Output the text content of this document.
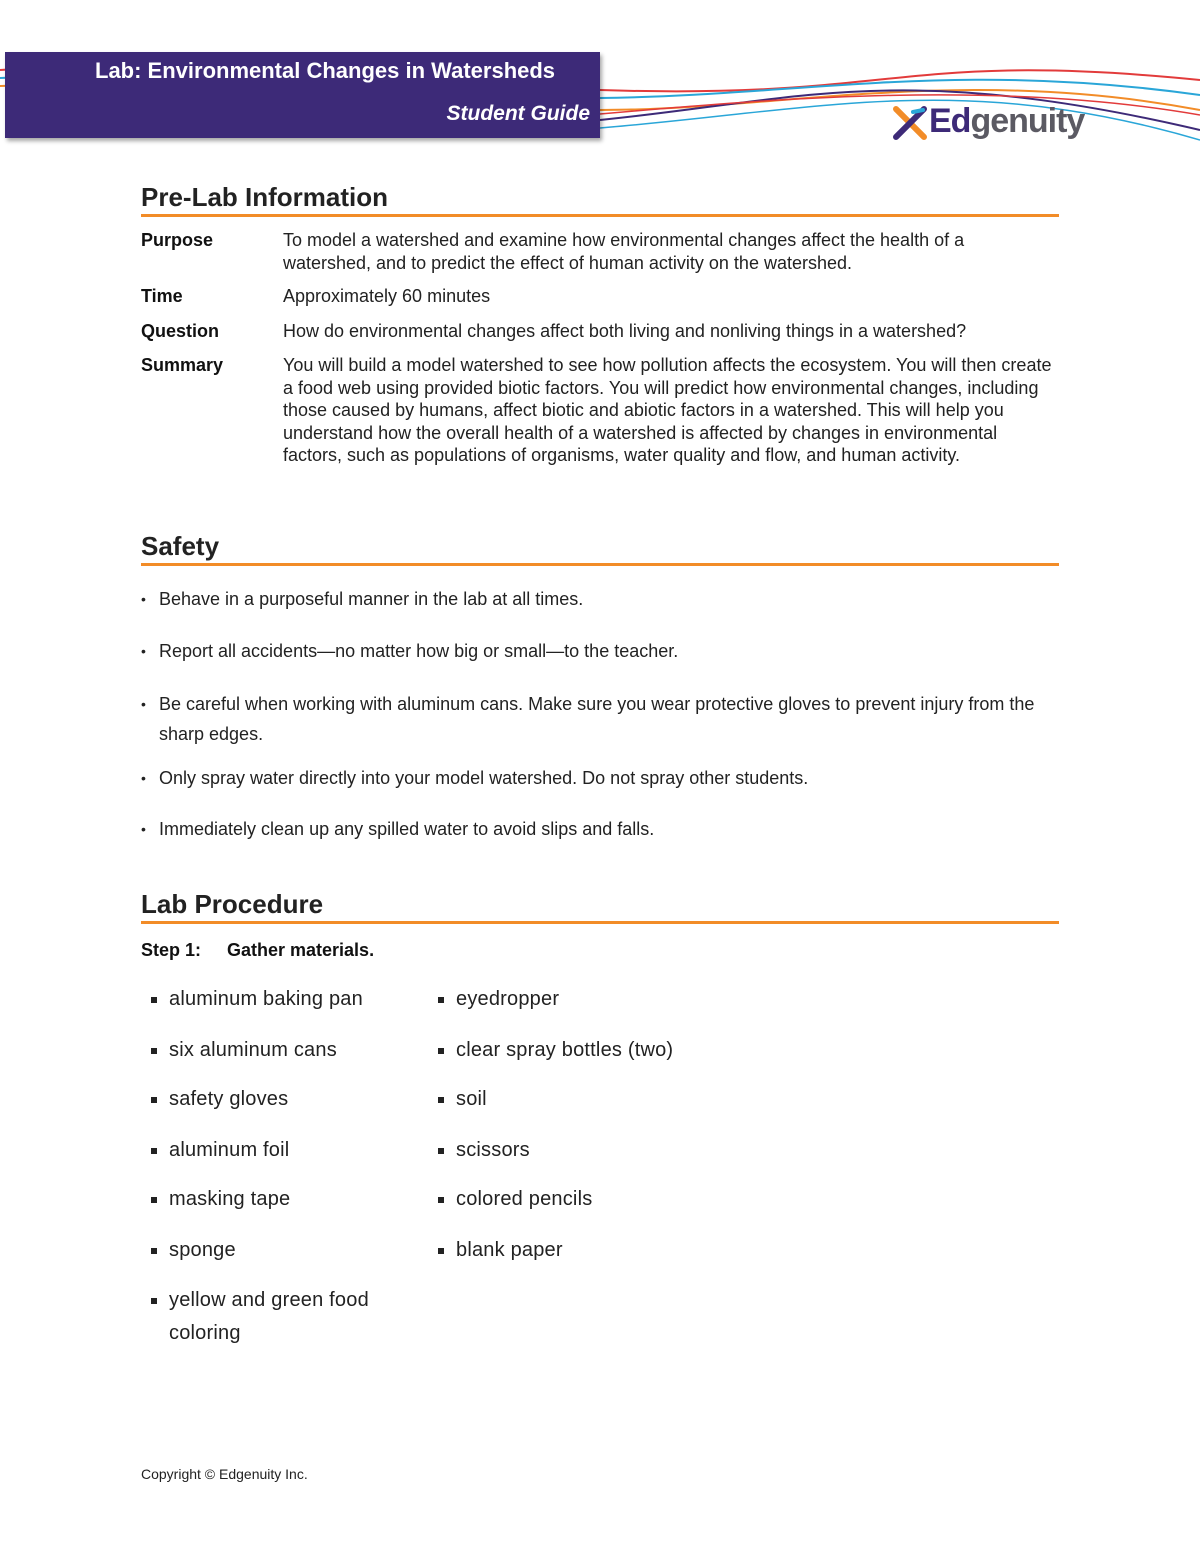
Lab: Environmental Changes in Watersheds
Student Guide	Edgenuity
Pre-Lab Information
Purpose	To model a watershed and examine how environmental changes affect the health of a watershed, and to predict the effect of human activity on the watershed.
Time	Approximately 60 minutes
Question	How do environmental changes affect both living and nonliving things in a watershed?
Summary	You will build a model watershed to see how pollution affects the ecosystem. You will then create a food web using provided biotic factors. You will predict how environmental changes, including those caused by humans, affect biotic and abiotic factors in a watershed. This will help you understand how the overall health of a watershed is affected by changes in environmental factors, such as populations of organisms, water quality and flow, and human activity.
Safety
• Behave in a purposeful manner in the lab at all times.
• Report all accidents—no matter how big or small—to the teacher.
• Be careful when working with aluminum cans. Make sure you wear protective gloves to prevent injury from the sharp edges.
• Only spray water directly into your model watershed. Do not spray other students.
• Immediately clean up any spilled water to avoid slips and falls.
Lab Procedure
Step 1: Gather materials.
aluminum baking pan
six aluminum cans
safety gloves
aluminum foil
masking tape
sponge
yellow and green food coloring
eyedropper
clear spray bottles (two)
soil
scissors
colored pencils
blank paper
Copyright © Edgenuity Inc.
